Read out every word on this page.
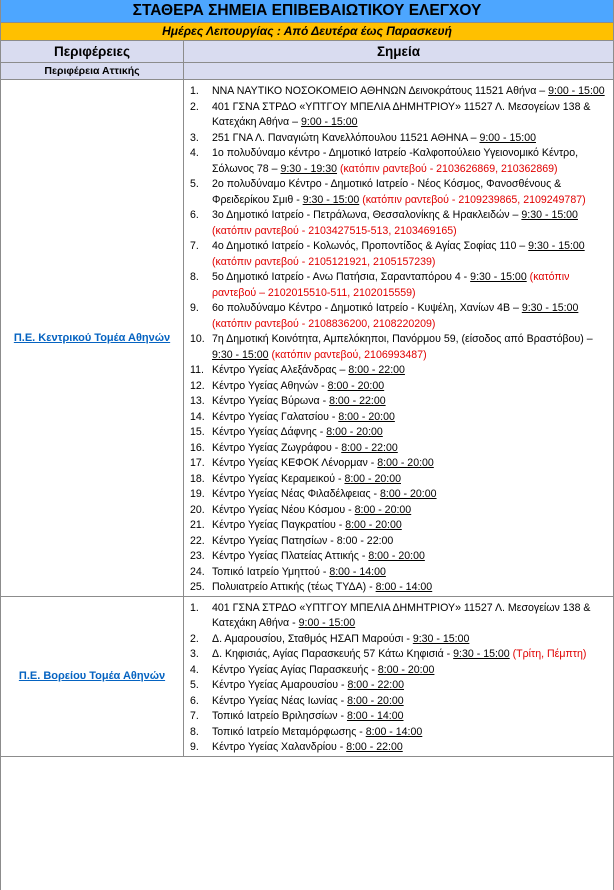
ΣΤΑΘΕΡΑ ΣΗΜΕΙΑ ΕΠΙΒΕΒΑΙΩΤΙΚΟΥ ΕΛΕΓΧΟΥ
Ημέρες Λειτουργίας : Από Δευτέρα έως Παρασκευή
Περιφέρειες	Σημεία
Περιφέρεια Αττικής
Π.Ε. Κεντρικού Τομέα Αθηνών
1.	ΝΝΑ ΝΑΥΤΙΚΟ ΝΟΣΟΚΟΜΕΙΟ ΑΘΗΝΩΝ Δεινοκράτους 11521 Αθήνα – 9:00 - 15:00
2.	401 ΓΣΝΑ ΣΤΡΔΟ «ΥΠΤΓΟΥ ΜΠΕΛΙΑ ΔΗΜΗΤΡΙΟΥ» 11527 Λ. Μεσογείων 138 & Κατεχάκη Αθήνα – 9:00 - 15:00
3.	251 ΓΝΑ Λ. Παναγιώτη Κανελλόπουλου 11521 ΑΘΗΝΑ – 9:00 - 15:00
4.	1ο πολυδύναμο κέντρο - Δημοτικό Ιατρείο -Καλφοπούλειο Υγειονομικό Κέντρο, Σόλωνος 78 – 9:30 - 19:30 (κατόπιν ραντεβού - 2103626869, 210362869)
5.	2ο πολυδύναμο Κέντρο - Δημοτικό Ιατρείο - Νέος Κόσμος, Φανοσθένους & Φρειδερίκου Σμιθ - 9:30 - 15:00 (κατόπιν ραντεβού - 2109239865, 2109249787)
6.	3ο Δημοτικό Ιατρείο - Πετράλωνα, Θεσσαλονίκης & Ηρακλειδών – 9:30 - 15:00 (κατόπιν ραντεβού - 2103427515-513, 2103469165)
7.	4ο Δημοτικό Ιατρείο - Κολωνός, Προποντίδος & Αγίας Σοφίας 110 – 9:30 - 15:00 (κατόπιν ραντεβού - 2105121921, 2105157239)
8.	5ο Δημοτικό Ιατρείο - Ανω Πατήσια, Σαρανταπόρου 4 - 9:30 - 15:00 (κατόπιν ραντεβού – 2102015510-511, 2102015559)
9.	6ο πολυδύναμο Κέντρο - Δημοτικό Ιατρείο - Κυψέλη, Χανίων 4Β – 9:30 - 15:00 (κατόπιν ραντεβού - 2108836200, 2108220209)
10. 7η Δημοτική Κοινότητα, Αμπελόκηποι, Πανόρμου 59, (είσοδος από Βραστόβου) – 9:30 - 15:00 (κατόπιν ραντεβού, 2106993487)
11. Κέντρο Υγείας Αλεξάνδρας – 8:00 - 22:00
12. Κέντρο Υγείας Αθηνών - 8:00 - 20:00
13. Κέντρο Υγείας Βύρωνα - 8:00 - 22:00
14. Κέντρο Υγείας Γαλατσίου - 8:00 - 20:00
15. Κέντρο Υγείας Δάφνης - 8:00 - 20:00
16. Κέντρο Υγείας Ζωγράφου - 8:00 - 22:00
17. Κέντρο Υγείας ΚΕΦΟΚ Λένορμαν - 8:00 - 20:00
18. Κέντρο Υγείας Κεραμεικού - 8:00 - 20:00
19. Κέντρο Υγείας Νέας Φιλαδέλφειας - 8:00 - 20:00
20. Κέντρο Υγείας Νέου Κόσμου - 8:00 - 20:00
21. Κέντρο Υγείας Παγκρατίου - 8:00 - 20:00
22. Κέντρο Υγείας Πατησίων - 8:00 - 22:00
23. Κέντρο Υγείας Πλατείας Αττικής - 8:00 - 20:00
24. Τοπικό Ιατρείο Υμηττού - 8:00 - 14:00
25. Πολυιατρείο Αττικής (τέως ΤΥΔΑ) - 8:00 - 14:00
Π.Ε. Βορείου Τομέα Αθηνών
1.	401 ΓΣΝΑ ΣΤΡΔΟ «ΥΠΤΓΟΥ ΜΠΕΛΙΑ ΔΗΜΗΤΡΙΟΥ» 11527 Λ. Μεσογείων 138 & Κατεχάκη Αθήνα - 9:00 - 15:00
2.	Δ. Αμαρουσίου, Σταθμός ΗΣΑΠ Μαρούσι - 9:30 - 15:00
3.	Δ. Κηφισιάς, Αγίας Παρασκευής 57 Κάτω Κηφισιά - 9:30 - 15:00 (Τρίτη, Πέμπτη)
4.	Κέντρο Υγείας Αγίας Παρασκευής - 8:00 - 20:00
5.	Κέντρο Υγείας Αμαρουσίου - 8:00 - 22:00
6.	Κέντρο Υγείας Νέας Ιωνίας - 8:00 - 20:00
7.	Τοπικό Ιατρείο Βριλησσίων - 8:00 - 14:00
8.	Τοπικό Ιατρείο Μεταμόρφωσης - 8:00 - 14:00
9.	Κέντρο Υγείας Χαλανδρίου - 8:00 - 22:00
